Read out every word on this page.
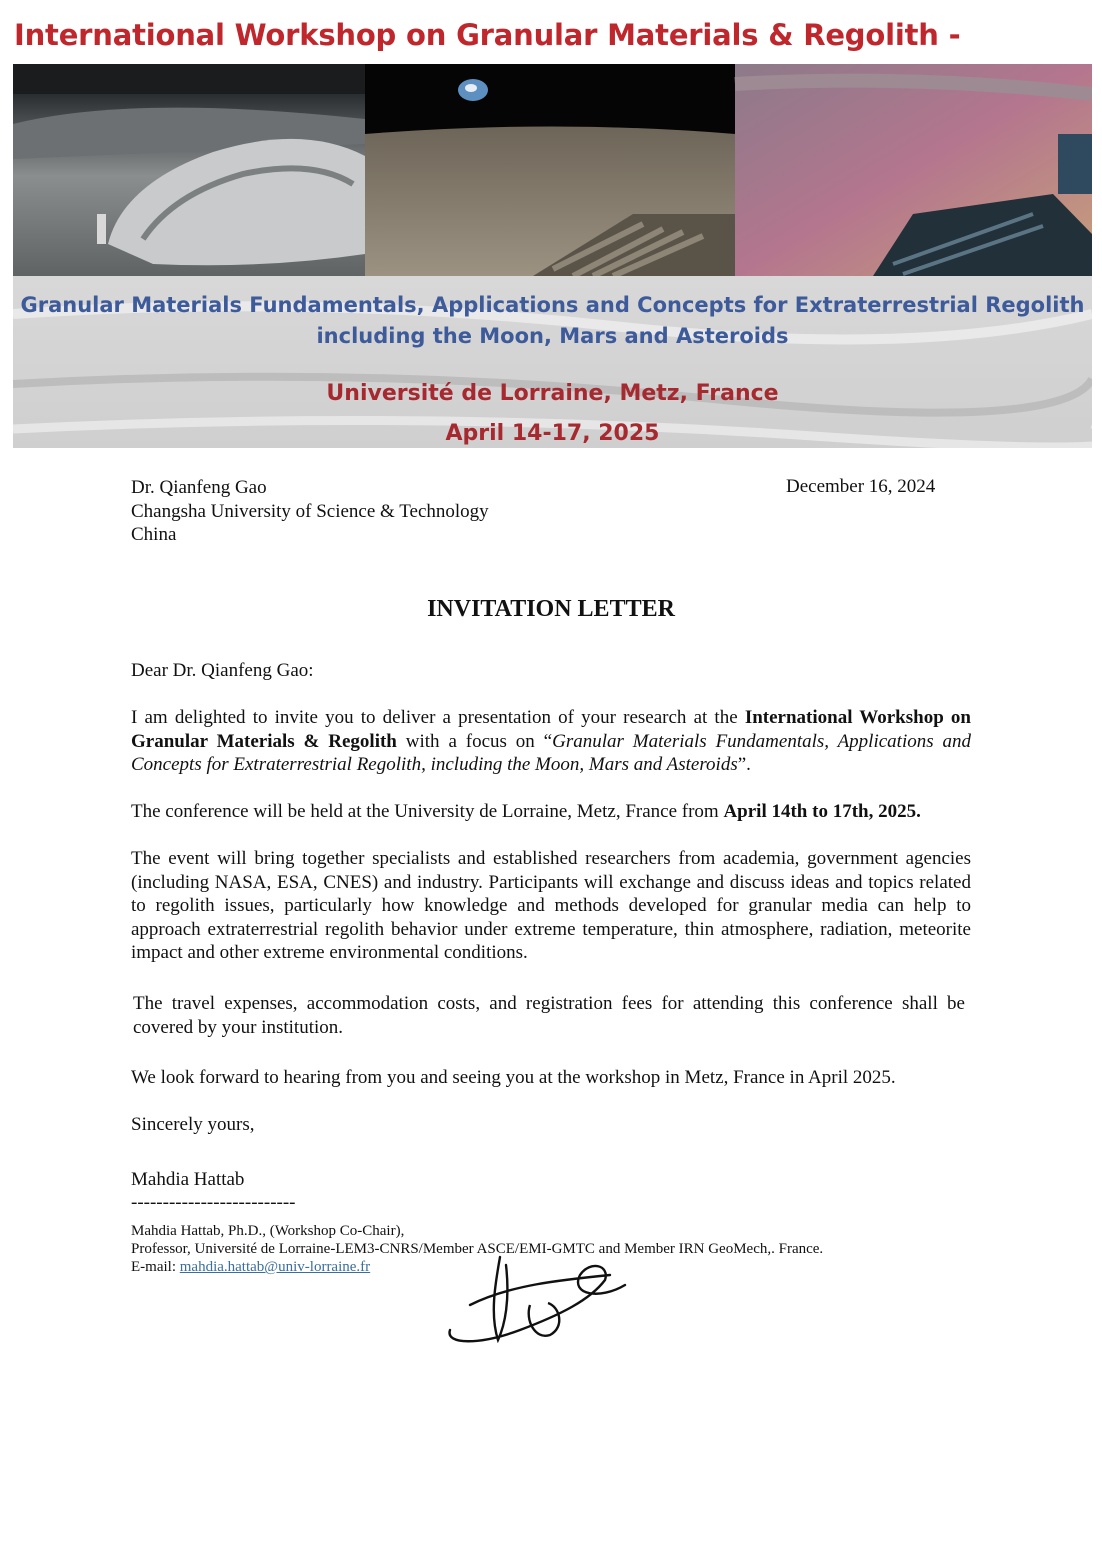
International Workshop on Granular Materials & Regolith -
Granular Materials Fundamentals, Applications and Concepts for Extraterrestrial Regolith
including the Moon, Mars and Asteroids
Université de Lorraine, Metz, France
April 14-17, 2025
Dr. Qianfeng Gao
Changsha University of Science & Technology
China
December 16, 2024
INVITATION LETTER
Dear Dr. Qianfeng Gao:
I am delighted to invite you to deliver a presentation of your research at the International Workshop on Granular Materials & Regolith with a focus on “Granular Materials Fundamentals, Applications and Concepts for Extraterrestrial Regolith, including the Moon, Mars and Asteroids”.
The conference will be held at the University de Lorraine, Metz, France from April 14th to 17th, 2025.
The event will bring together specialists and established researchers from academia, government agencies (including NASA, ESA, CNES) and industry. Participants will exchange and discuss ideas and topics related to regolith issues, particularly how knowledge and methods developed for granular media can help to approach extraterrestrial regolith behavior under extreme temperature, thin atmosphere, radiation, meteorite impact and other extreme environmental conditions.
The travel expenses, accommodation costs, and registration fees for attending this conference shall be covered by your institution.
We look forward to hearing from you and seeing you at the workshop in Metz, France in April 2025.
Sincerely yours,
Mahdia Hattab
--------------------------
Mahdia Hattab, Ph.D., (Workshop Co-Chair),
Professor, Université de Lorraine-LEM3-CNRS/Member ASCE/EMI-GMTC and Member IRN GeoMech,. France.
E-mail: mahdia.hattab@univ-lorraine.fr
